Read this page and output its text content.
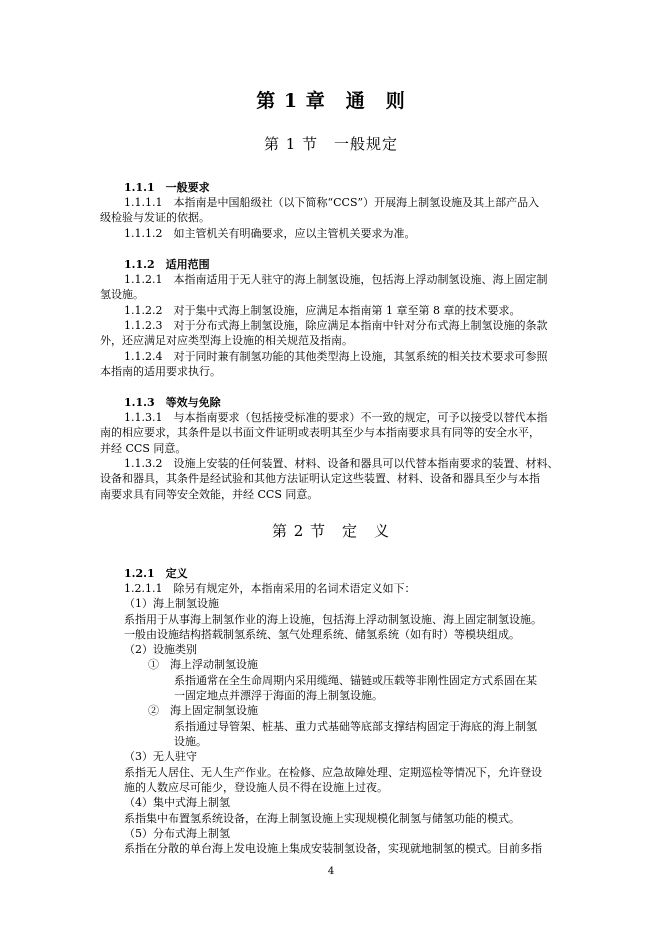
第 1 章　通　则
第 1 节　一般规定
1.1.1　一般要求
1.1.1.1　本指南是中国船级社（以下简称“CCS”）开展海上制氢设施及其上部产品入
级检验与发证的依据。
1.1.1.2　如主管机关有明确要求，应以主管机关要求为准。
1.1.2　适用范围
1.1.2.1　本指南适用于无人驻守的海上制氢设施，包括海上浮动制氢设施、海上固定制
氢设施。
1.1.2.2　对于集中式海上制氢设施，应满足本指南第 1 章至第 8 章的技术要求。
1.1.2.3　对于分布式海上制氢设施，除应满足本指南中针对分布式海上制氢设施的条款
外，还应满足对应类型海上设施的相关规范及指南。
1.1.2.4　对于同时兼有制氢功能的其他类型海上设施，其氢系统的相关技术要求可参照
本指南的适用要求执行。
1.1.3　等效与免除
1.1.3.1　与本指南要求（包括接受标准的要求）不一致的规定，可予以接受以替代本指
南的相应要求，其条件是以书面文件证明或表明其至少与本指南要求具有同等的安全水平，
并经 CCS 同意。
1.1.3.2　设施上安装的任何装置、材料、设备和器具可以代替本指南要求的装置、材料、
设备和器具，其条件是经试验和其他方法证明认定这些装置、材料、设备和器具至少与本指
南要求具有同等安全效能，并经 CCS 同意。
第 2 节　定　义
1.2.1　定义
1.2.1.1　除另有规定外，本指南采用的名词术语定义如下：
（1）海上制氢设施
系指用于从事海上制氢作业的海上设施，包括海上浮动制氢设施、海上固定制氢设施。
一般由设施结构搭载制氢系统、氢气处理系统、储氢系统（如有时）等模块组成。
（2）设施类别
①　海上浮动制氢设施
系指通常在全生命周期内采用缆绳、锚链或压载等非刚性固定方式系固在某
一固定地点并漂浮于海面的海上制氢设施。
②　海上固定制氢设施
系指通过导管架、桩基、重力式基础等底部支撑结构固定于海底的海上制氢
设施。
（3）无人驻守
系指无人居住、无人生产作业。在检修、应急故障处理、定期巡检等情况下，允许登设
施的人数应尽可能少，登设施人员不得在设施上过夜。
（4）集中式海上制氢
系指集中布置氢系统设备，在海上制氢设施上实现规模化制氢与储氢功能的模式。
（5）分布式海上制氢
系指在分散的单台海上发电设施上集成安装制氢设备，实现就地制氢的模式。目前多指
4
